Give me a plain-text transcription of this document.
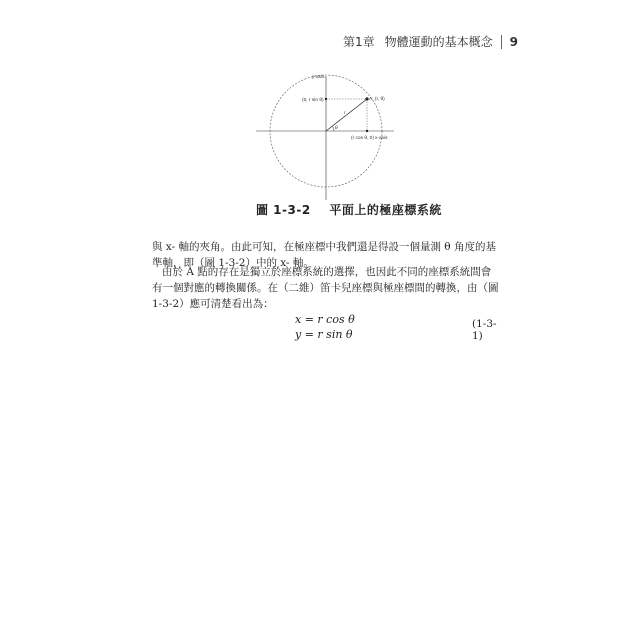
第1章 物體運動的基本概念 9
y-axis
x-axis
A: (r, θ)
(0, r sin θ)
(r cos θ, 0)
r
θ
圖 1-3-2 平面上的極座標系統

與 x- 軸的夾角。由此可知，在極座標中我們還是得設一個量測 θ 角度的基準軸，即（圖 1-3-2）中的 x- 軸。

由於 A 點的存在是獨立於座標系統的選擇，也因此不同的座標系統間會有一個對應的轉換關係。在（二維）笛卡兒座標與極座標間的轉換，由（圖 1-3-2）應可清楚看出為：

x = r cos θ
y = r sin θ
(1-3-1)
